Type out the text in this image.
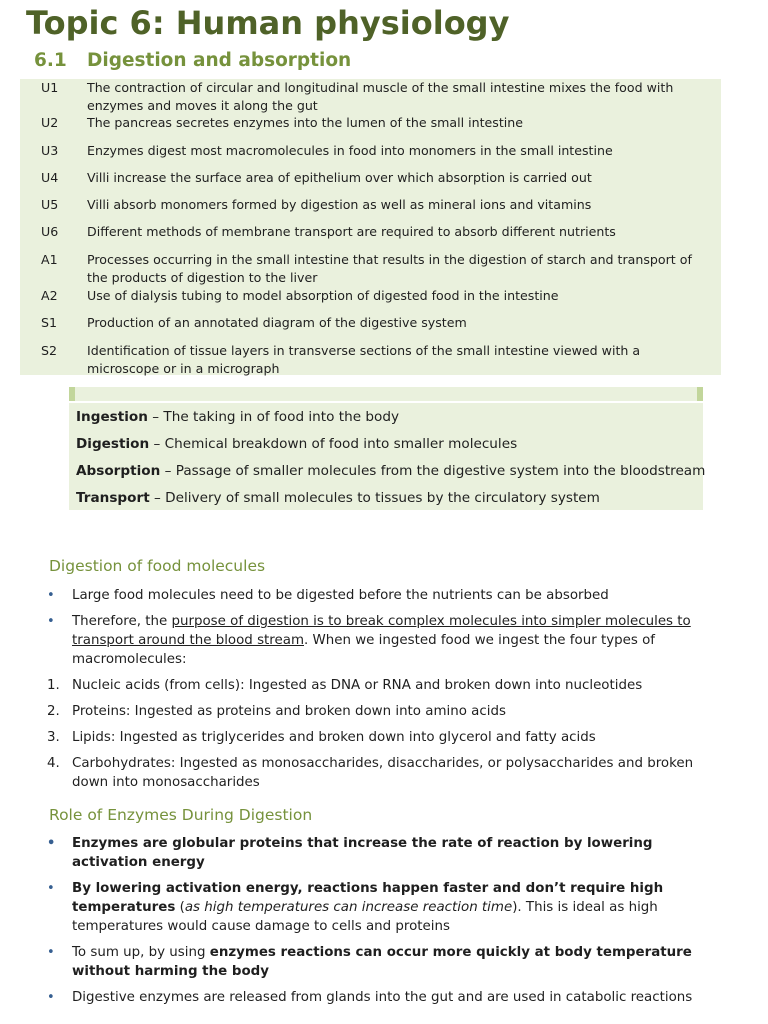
Topic 6: Human physiology
6.1 Digestion and absorption
U1 The contraction of circular and longitudinal muscle of the small intestine mixes the food with enzymes and moves it along the gut
U2 The pancreas secretes enzymes into the lumen of the small intestine
U3 Enzymes digest most macromolecules in food into monomers in the small intestine
U4 Villi increase the surface area of epithelium over which absorption is carried out
U5 Villi absorb monomers formed by digestion as well as mineral ions and vitamins
U6 Different methods of membrane transport are required to absorb different nutrients
A1 Processes occurring in the small intestine that results in the digestion of starch and transport of the products of digestion to the liver
A2 Use of dialysis tubing to model absorption of digested food in the intestine
S1 Production of an annotated diagram of the digestive system
S2 Identification of tissue layers in transverse sections of the small intestine viewed with a microscope or in a micrograph
Ingestion – The taking in of food into the body
Digestion – Chemical breakdown of food into smaller molecules
Absorption – Passage of smaller molecules from the digestive system into the bloodstream
Transport – Delivery of small molecules to tissues by the circulatory system
Digestion of food molecules
• Large food molecules need to be digested before the nutrients can be absorbed
• Therefore, the purpose of digestion is to break complex molecules into simpler molecules to
transport around the blood stream. When we ingested food we ingest the four types of
macromolecules:
1. Nucleic acids (from cells): Ingested as DNA or RNA and broken down into nucleotides
2. Proteins: Ingested as proteins and broken down into amino acids
3. Lipids: Ingested as triglycerides and broken down into glycerol and fatty acids
4. Carbohydrates: Ingested as monosaccharides, disaccharides, or polysaccharides and broken down into monosaccharides
Role of Enzymes During Digestion
• Enzymes are globular proteins that increase the rate of reaction by lowering activation energy
• By lowering activation energy, reactions happen faster and don’t require high temperatures (as high temperatures can increase reaction time). This is ideal as high temperatures would cause damage to cells and proteins
• To sum up, by using enzymes reactions can occur more quickly at body temperature without harming the body
• Digestive enzymes are released from glands into the gut and are used in catabolic reactions
